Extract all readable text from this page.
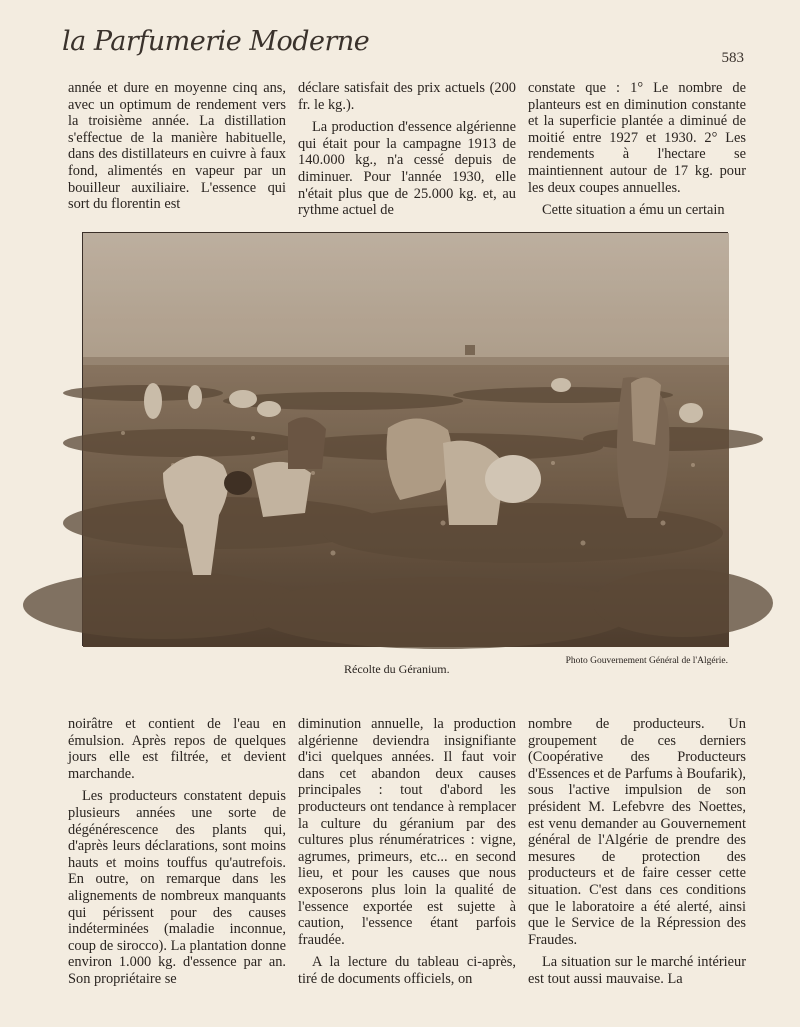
la Parfumerie Moderne
583

année et dure en moyenne cinq ans, avec un optimum de rendement vers la troisième année. La distillation s'effectue de la manière habituelle, dans des distillateurs en cuivre à faux fond, alimentés en vapeur par un bouilleur auxiliaire. L'essence qui sort du florentin est

déclare satisfait des prix actuels (200 fr. le kg.).

La production d'essence algérienne qui était pour la campagne 1913 de 140.000 kg., n'a cessé depuis de diminuer. Pour l'année 1930, elle n'était plus que de 25.000 kg. et, au rythme actuel de

constate que : 1° Le nombre de planteurs est en diminution constante et la superficie plantée a diminué de moitié entre 1927 et 1930. 2° Les rendements à l'hectare se maintiennent autour de 17 kg. pour les deux coupes annuelles.

Cette situation a ému un certain

Récolte du Géranium.
Photo Gouvernement Général de l'Algérie.

noirâtre et contient de l'eau en émulsion. Après repos de quelques jours elle est filtrée, et devient marchande.

Les producteurs constatent depuis plusieurs années une sorte de dégénérescence des plants qui, d'après leurs déclarations, sont moins hauts et moins touffus qu'autrefois. En outre, on remarque dans les alignements de nombreux manquants qui périssent pour des causes indéterminées (maladie inconnue, coup de sirocco). La plantation donne environ 1.000 kg. d'essence par an. Son propriétaire se

diminution annuelle, la production algérienne deviendra insignifiante d'ici quelques années. Il faut voir dans cet abandon deux causes principales : tout d'abord les producteurs ont tendance à remplacer la culture du géranium par des cultures plus rénumératrices : vigne, agrumes, primeurs, etc... en second lieu, et pour les causes que nous exposerons plus loin la qualité de l'essence exportée est sujette à caution, l'essence étant parfois fraudée.

A la lecture du tableau ci-après, tiré de documents officiels, on

nombre de producteurs. Un groupement de ces derniers (Coopérative des Producteurs d'Essences et de Parfums à Boufarik), sous l'active impulsion de son président M. Lefebvre des Noettes, est venu demander au Gouvernement général de l'Algérie de prendre des mesures de protection des producteurs et de faire cesser cette situation. C'est dans ces conditions que le laboratoire a été alerté, ainsi que le Service de la Répression des Fraudes.

La situation sur le marché intérieur est tout aussi mauvaise. La
